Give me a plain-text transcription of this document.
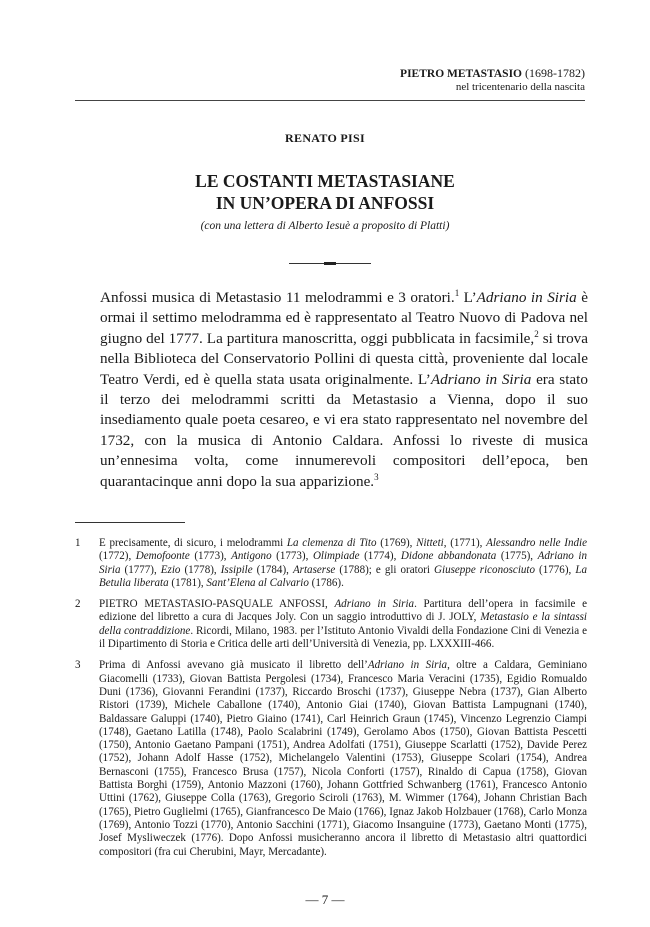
PIETRO METASTASIO (1698-1782)
nel tricentenario della nascita
RENATO PISI
LE COSTANTI METASTASIANE
IN UN’OPERA DI ANFOSSI
(con una lettera di Alberto Iesuè a proposito di Platti)

Anfossi musica di Metastasio 11 melodrammi e 3 oratori.$^1$ L’Adriano in Siria è ormai il settimo melodramma ed è rappresentato al Teatro Nuovo di Padova nel giugno del 1777. La partitura manoscritta, oggi pubblicata in facsimile,$^2$ si trova nella Biblioteca del Conservatorio Pollini di questa città, proveniente dal locale Teatro Verdi, ed è quella stata usata originalmente. L’Adriano in Siria era stato il terzo dei melodrammi scritti da Metastasio a Vienna, dopo il suo insediamento quale poeta cesareo, e vi era stato rappresentato nel novembre del 1732, con la musica di Antonio Caldara. Anfossi lo riveste di musica un’ennesima volta, come innumerevoli compositori dell’epoca, ben quarantacinque anni dopo la sua apparizione.$^3$

1	E precisamente, di sicuro, i melodrammi La clemenza di Tito (1769), Nitteti, (1771), Alessandro nelle Indie (1772), Demofoonte (1773), Antigono (1773), Olimpiade (1774), Didone abbandonata (1775), Adriano in Siria (1777), Ezio (1778), Issipile (1784), Artaserse (1788); e gli oratori Giuseppe riconosciuto (1776), La Betulia liberata (1781), Sant’Elena al Calvario (1786).
2	PIETRO METASTASIO-PASQUALE ANFOSSI, Adriano in Siria. Partitura dell’opera in facsimile e edizione del libretto a cura di Jacques Joly. Con un saggio introduttivo di J. JOLY, Metastasio e la sintassi della contraddizione. Ricordi, Milano, 1983. per l’Istituto Antonio Vivaldi della Fondazione Cini di Venezia e il Dipartimento di Storia e Critica delle arti dell’Università di Venezia, pp. LXXXIII-466.
3	Prima di Anfossi avevano già musicato il libretto dell’Adriano in Siria, oltre a Caldara, Geminiano Giacomelli (1733), Giovan Battista Pergolesi (1734), Francesco Maria Veracini (1735), Egidio Romualdo Duni (1736), Giovanni Ferandini (1737), Riccardo Broschi (1737), Giuseppe Nebra (1737), Gian Alberto Ristori (1739), Michele Caballone (1740), Antonio Giai (1740), Giovan Battista Lampugnani (1740), Baldassare Galuppi (1740), Pietro Giaino (1741), Carl Heinrich Graun (1745), Vincenzo Legrenzio Ciampi (1748), Gaetano Latilla (1748), Paolo Scalabrini (1749), Gerolamo Abos (1750), Giovan Battista Pescetti (1750), Antonio Gaetano Pampani (1751), Andrea Adolfati (1751), Giuseppe Scarlatti (1752), Davide Perez (1752), Johann Adolf Hasse (1752), Michelangelo Valentini (1753), Giuseppe Scolari (1754), Andrea Bernasconi (1755), Francesco Brusa (1757), Nicola Conforti (1757), Rinaldo di Capua (1758), Giovan Battista Borghi (1759), Antonio Mazzoni (1760), Johann Gottfried Schwanberg (1761), Francesco Antonio Uttini (1762), Giuseppe Colla (1763), Gregorio Sciroli (1763), M. Wimmer (1764), Johann Christian Bach (1765), Pietro Guglielmi (1765), Gianfrancesco De Maio (1766), Ignaz Jakob Holzbauer (1768), Carlo Monza (1769), Antonio Tozzi (1770), Antonio Sacchini (1771), Giacomo Insanguine (1773), Gaetano Monti (1775), Josef Mysliweczek (1776). Dopo Anfossi musicheranno ancora il libretto di Metastasio altri quattordici compositori (fra cui Cherubini, Mayr, Mercadante).
— 7 —
